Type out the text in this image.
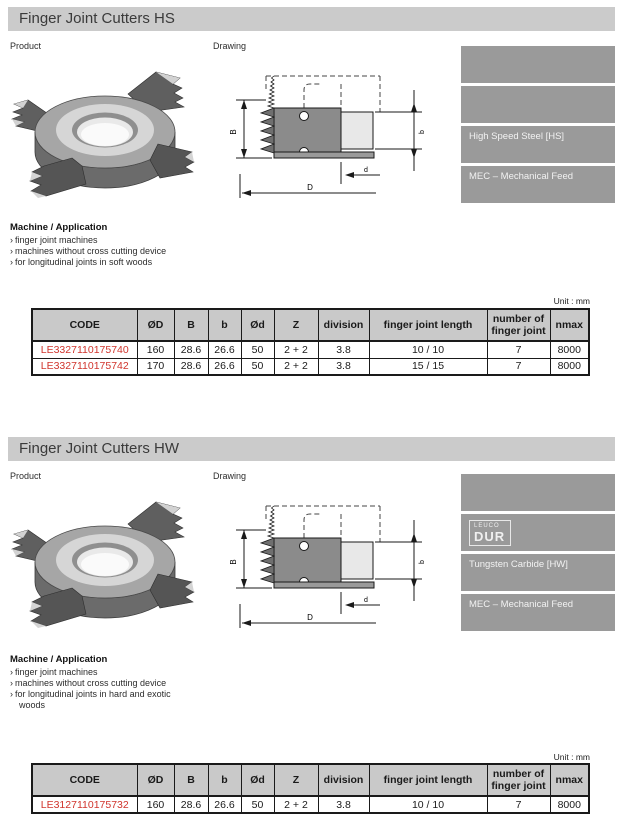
Finger Joint Cutters HS
Product	Drawing
B	b
d
D
High Speed Steel [HS]
MEC – Mechanical Feed
Machine / Application
› finger joint machines
› machines without cross cutting device
› for longitudinal joints in soft woods
Unit : mm
CODE	ØD	B	b	Ød	Z	division	finger joint length	number of finger joint	nmax
LE3327110175740	160	28.6	26.6	50	2 + 2	3.8	10 / 10	7	8000
LE3327110175742	170	28.6	26.6	50	2 + 2	3.8	15 / 15	7	8000
Finger Joint Cutters HW
Product	Drawing
B	b
d
D
LEUCO
DUR
Tungsten Carbide [HW]
MEC – Mechanical Feed
Machine / Application
› finger joint machines
› machines without cross cutting device
› for longitudinal joints in hard and exotic woods
Unit : mm
CODE	ØD	B	b	Ød	Z	division	finger joint length	number of finger joint	nmax
LE3127110175732	160	28.6	26.6	50	2 + 2	3.8	10 / 10	7	8000
